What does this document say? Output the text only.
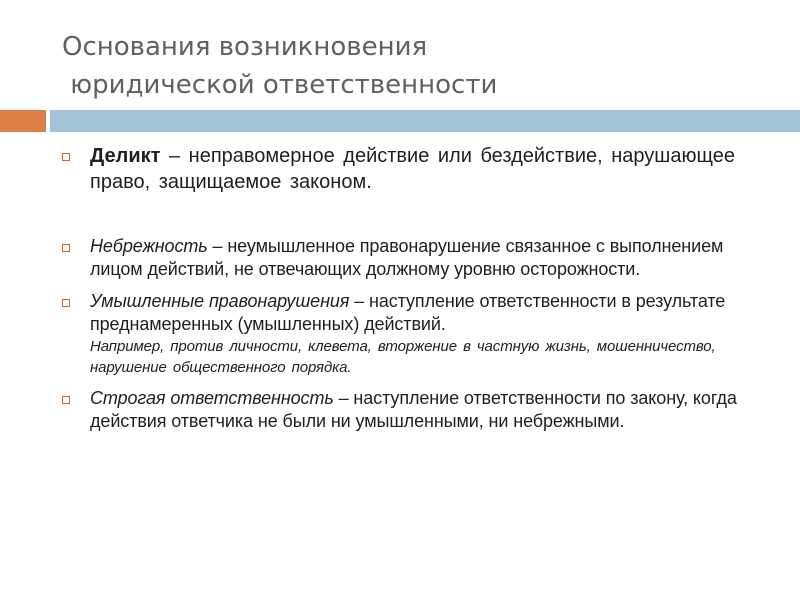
Основания возникновения
юридической ответственности
Деликт – неправомерное действие или бездействие, нарушающее право, защищаемое законом.
Небрежность – неумышленное правонарушение связанное с выполнением лицом действий, не отвечающих должному уровню осторожности.
Умышленные правонарушения – наступление ответственности в результате преднамеренных (умышленных) действий.
Например, против личности, клевета, вторжение в частную жизнь, мошенничество, нарушение общественного порядка.
Строгая ответственность – наступление ответственности по закону, когда действия ответчика не были ни умышленными, ни небрежными.
